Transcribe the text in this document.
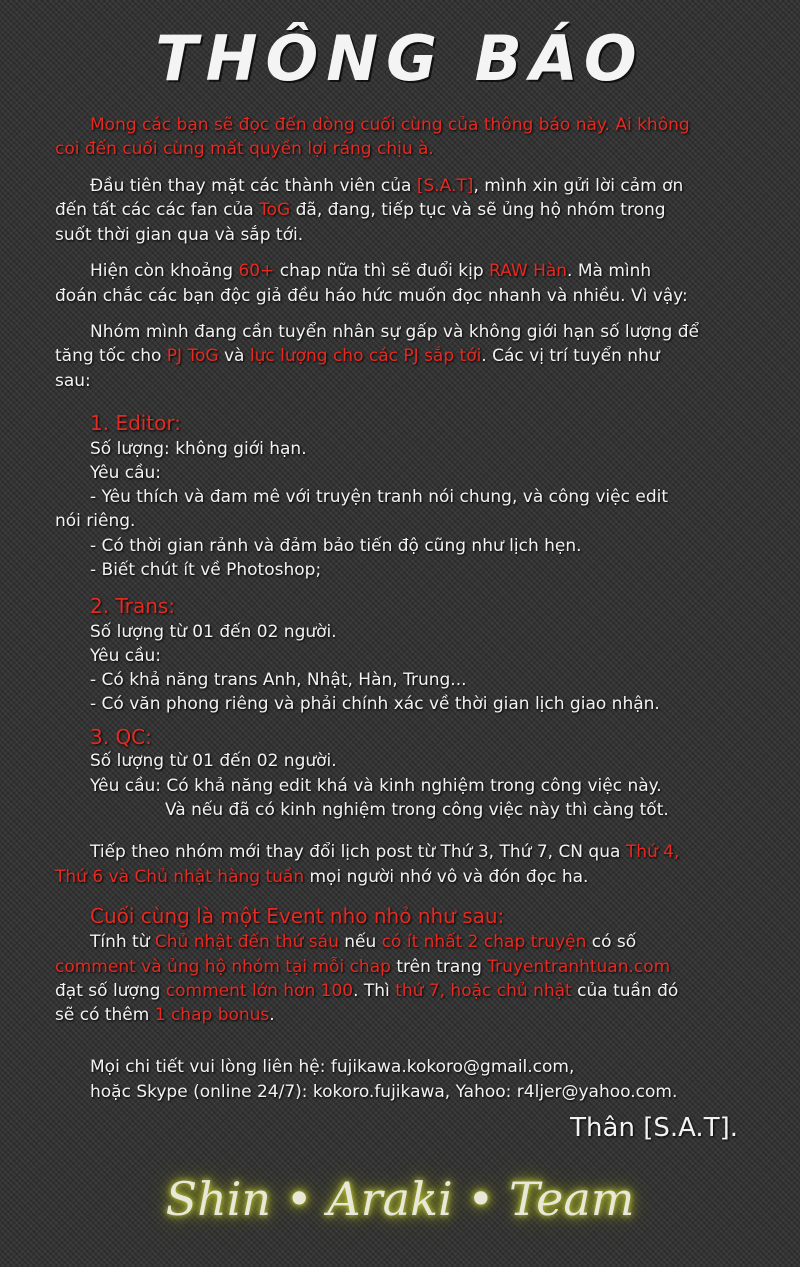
THÔNG BÁO
Mong các bạn sẽ đọc đến dòng cuối cùng của thông báo này. Ai không
coi đến cuối cùng mất quyền lợi ráng chịu à.
Đầu tiên thay mặt các thành viên của [S.A.T], mình xin gửi lời cảm ơn
đến tất các các fan của ToG đã, đang, tiếp tục và sẽ ủng hộ nhóm trong
suốt thời gian qua và sắp tới.
Hiện còn khoảng 60+ chap nữa thì sẽ đuổi kịp RAW Hàn. Mà mình
đoán chắc các bạn độc giả đều háo hức muốn đọc nhanh và nhiều. Vì vậy:
Nhóm mình đang cần tuyển nhân sự gấp và không giới hạn số lượng để
tăng tốc cho PJ ToG và lực lượng cho các PJ sắp tới. Các vị trí tuyển như
sau:
1. Editor:
Số lượng: không giới hạn.
Yêu cầu:
- Yêu thích và đam mê với truyện tranh nói chung, và công việc edit
nói riêng.
- Có thời gian rảnh và đảm bảo tiến độ cũng như lịch hẹn.
- Biết chút ít về Photoshop;
2. Trans:
Số lượng từ 01 đến 02 người.
Yêu cầu:
- Có khả năng trans Anh, Nhật, Hàn, Trung...
- Có văn phong riêng và phải chính xác về thời gian lịch giao nhận.
3. QC:
Số lượng từ 01 đến 02 người.
Yêu cầu: Có khả năng edit khá và kinh nghiệm trong công việc này.
Và nếu đã có kinh nghiệm trong công việc này thì càng tốt.
Tiếp theo nhóm mới thay đổi lịch post từ Thứ 3, Thứ 7, CN qua Thứ 4,
Thứ 6 và Chủ nhật hàng tuần mọi người nhớ vô và đón đọc ha.
Cuối cùng là một Event nho nhỏ như sau:
Tính từ Chủ nhật đến thứ sáu nếu có ít nhất 2 chap truyện có số
comment và ủng hộ nhóm tại mỗi chap trên trang Truyentranhtuan.com
đạt số lượng comment lớn hơn 100. Thì thứ 7, hoặc chủ nhật của tuần đó
sẽ có thêm 1 chap bonus.
Mọi chi tiết vui lòng liên hệ: fujikawa.kokoro@gmail.com,
hoặc Skype (online 24/7): kokoro.fujikawa, Yahoo: r4ljer@yahoo.com.
Thân [S.A.T].
Shin • Araki • Team
